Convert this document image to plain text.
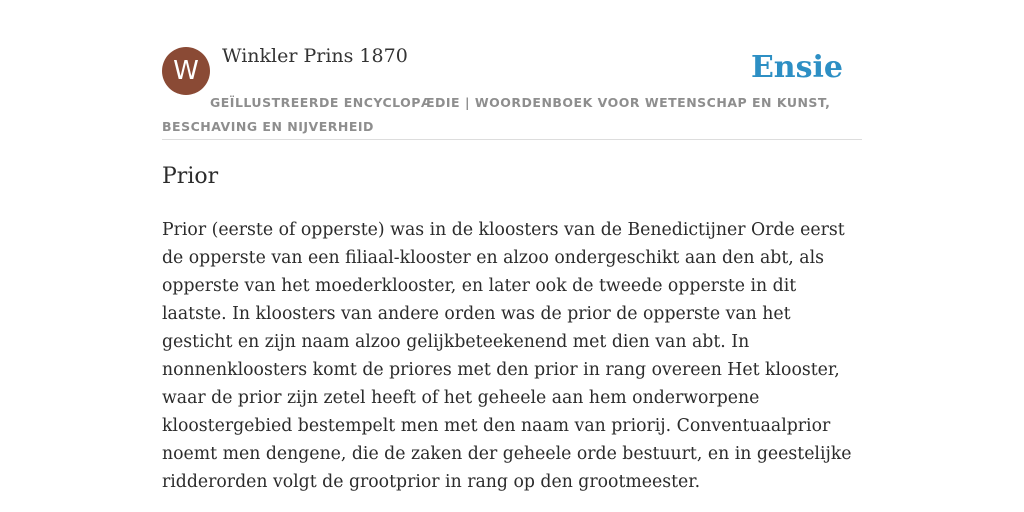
W	Winkler Prins 1870	Ensie
GEÏLLUSTREERDE ENCYCLOPÆDIE | WOORDENBOEK VOOR WETENSCHAP EN KUNST, BESCHAVING EN NIJVERHEID
Prior

Prior (eerste of opperste) was in de kloosters van de Benedictijner Orde eerst de opperste van een filiaal-klooster en alzoo ondergeschikt aan den abt, als opperste van het moederklooster, en later ook de tweede opperste in dit laatste. In kloosters van andere orden was de prior de opperste van het gesticht en zijn naam alzoo gelijkbeteekenend met dien van abt. In nonnenkloosters komt de priores met den prior in rang overeen Het klooster, waar de prior zijn zetel heeft of het geheele aan hem onderworpene kloostergebied bestempelt men met den naam van priorij. Conventuaalprior noemt men dengene, die de zaken der geheele orde bestuurt, en in geestelijke ridderorden volgt de grootprior in rang op den grootmeester.
